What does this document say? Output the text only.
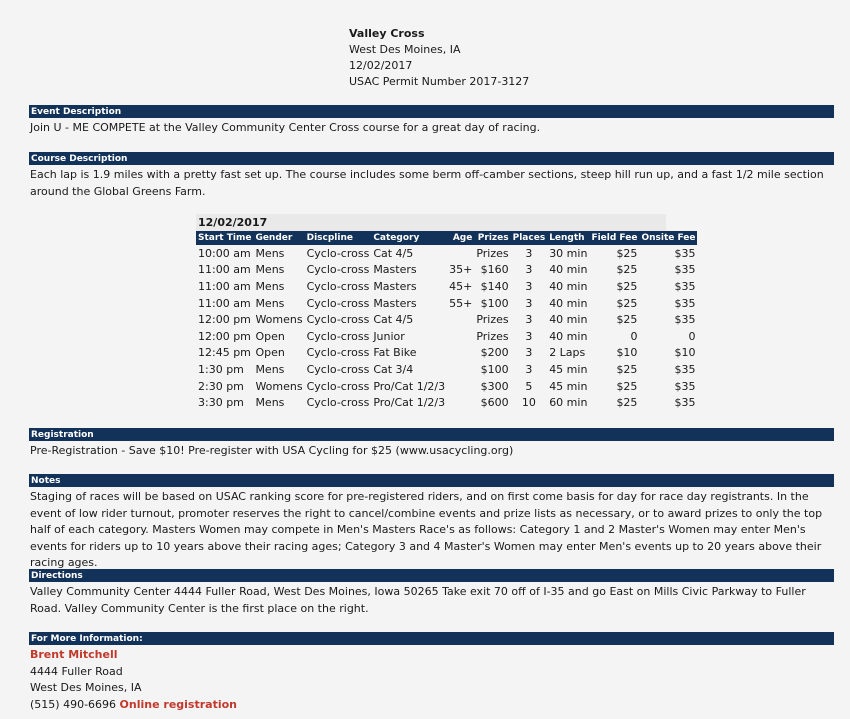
Valley Cross
West Des Moines, IA
12/02/2017
USAC Permit Number 2017-3127
Event Description
Join U - ME COMPETE at the Valley Community Center Cross course for a great day of racing.
Course Description
Each lap is 1.9 miles with a pretty fast set up. The course includes some berm off-camber sections, steep hill run up, and a fast 1/2 mile section around the Global Greens Farm.
12/02/2017
Start Time	Gender	Discpline	Category	Age	Prizes	Places	Length	Field Fee	Onsite Fee
10:00 am	Mens	Cyclo-cross	Cat 4/5		Prizes	3	30 min	$25	$35
11:00 am	Mens	Cyclo-cross	Masters	35+	$160	3	40 min	$25	$35
11:00 am	Mens	Cyclo-cross	Masters	45+	$140	3	40 min	$25	$35
11:00 am	Mens	Cyclo-cross	Masters	55+	$100	3	40 min	$25	$35
12:00 pm	Womens	Cyclo-cross	Cat 4/5		Prizes	3	40 min	$25	$35
12:00 pm	Open	Cyclo-cross	Junior		Prizes	3	40 min	0	0
12:45 pm	Open	Cyclo-cross	Fat Bike		$200	3	2 Laps	$10	$10
1:30 pm	Mens	Cyclo-cross	Cat 3/4		$100	3	45 min	$25	$35
2:30 pm	Womens	Cyclo-cross	Pro/Cat 1/2/3		$300	5	45 min	$25	$35
3:30 pm	Mens	Cyclo-cross	Pro/Cat 1/2/3		$600	10	60 min	$25	$35
Registration
Pre-Registration - Save $10! Pre-register with USA Cycling for $25 (www.usacycling.org)
Notes
Staging of races will be based on USAC ranking score for pre-registered riders, and on first come basis for day for race day registrants. In the event of low rider turnout, promoter reserves the right to cancel/combine events and prize lists as necessary, or to award prizes to only the top half of each category. Masters Women may compete in Men's Masters Race's as follows: Category 1 and 2 Master's Women may enter Men's events for riders up to 10 years above their racing ages; Category 3 and 4 Master's Women may enter Men's events up to 20 years above their racing ages.
Directions
Valley Community Center 4444 Fuller Road, West Des Moines, Iowa 50265 Take exit 70 off of I-35 and go East on Mills Civic Parkway to Fuller Road. Valley Community Center is the first place on the right.
For More Information:
Brent Mitchell
4444 Fuller Road
West Des Moines, IA
(515) 490-6696 Online registration
